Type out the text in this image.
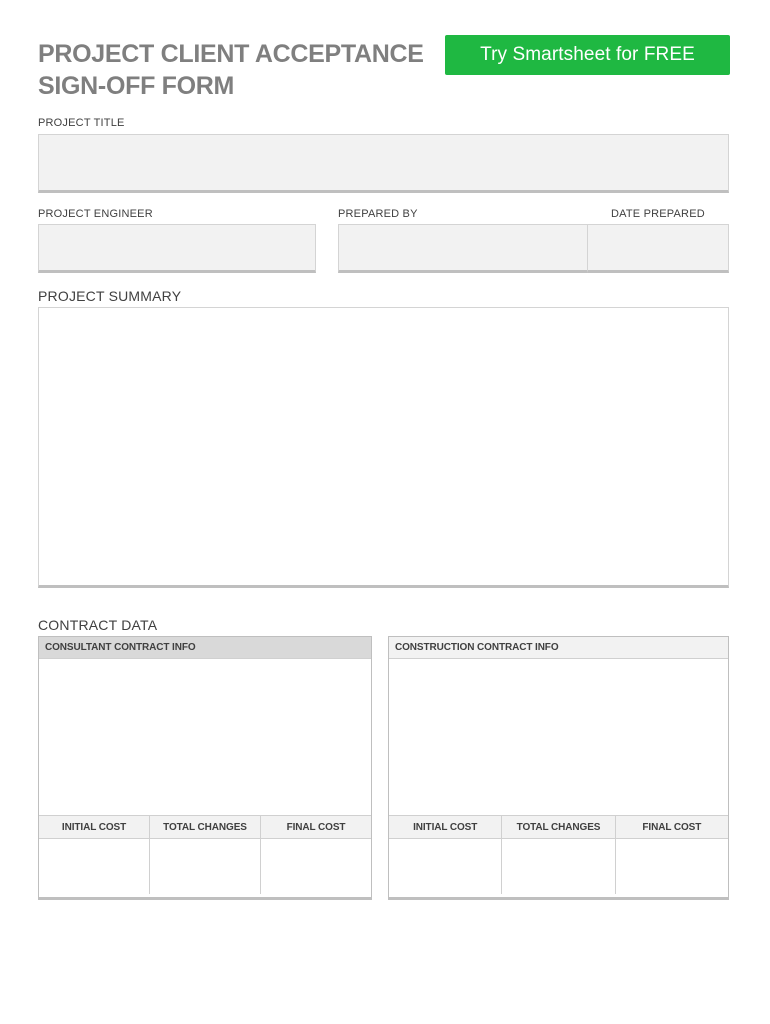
PROJECT CLIENT ACCEPTANCE
SIGN-OFF FORM
Try Smartsheet for FREE
PROJECT TITLE
PROJECT ENGINEER	PREPARED BY	DATE PREPARED
PROJECT SUMMARY
CONTRACT DATA
CONSULTANT CONTRACT INFO
INITIAL COST	TOTAL CHANGES	FINAL COST
CONSTRUCTION CONTRACT INFO
INITIAL COST	TOTAL CHANGES	FINAL COST
